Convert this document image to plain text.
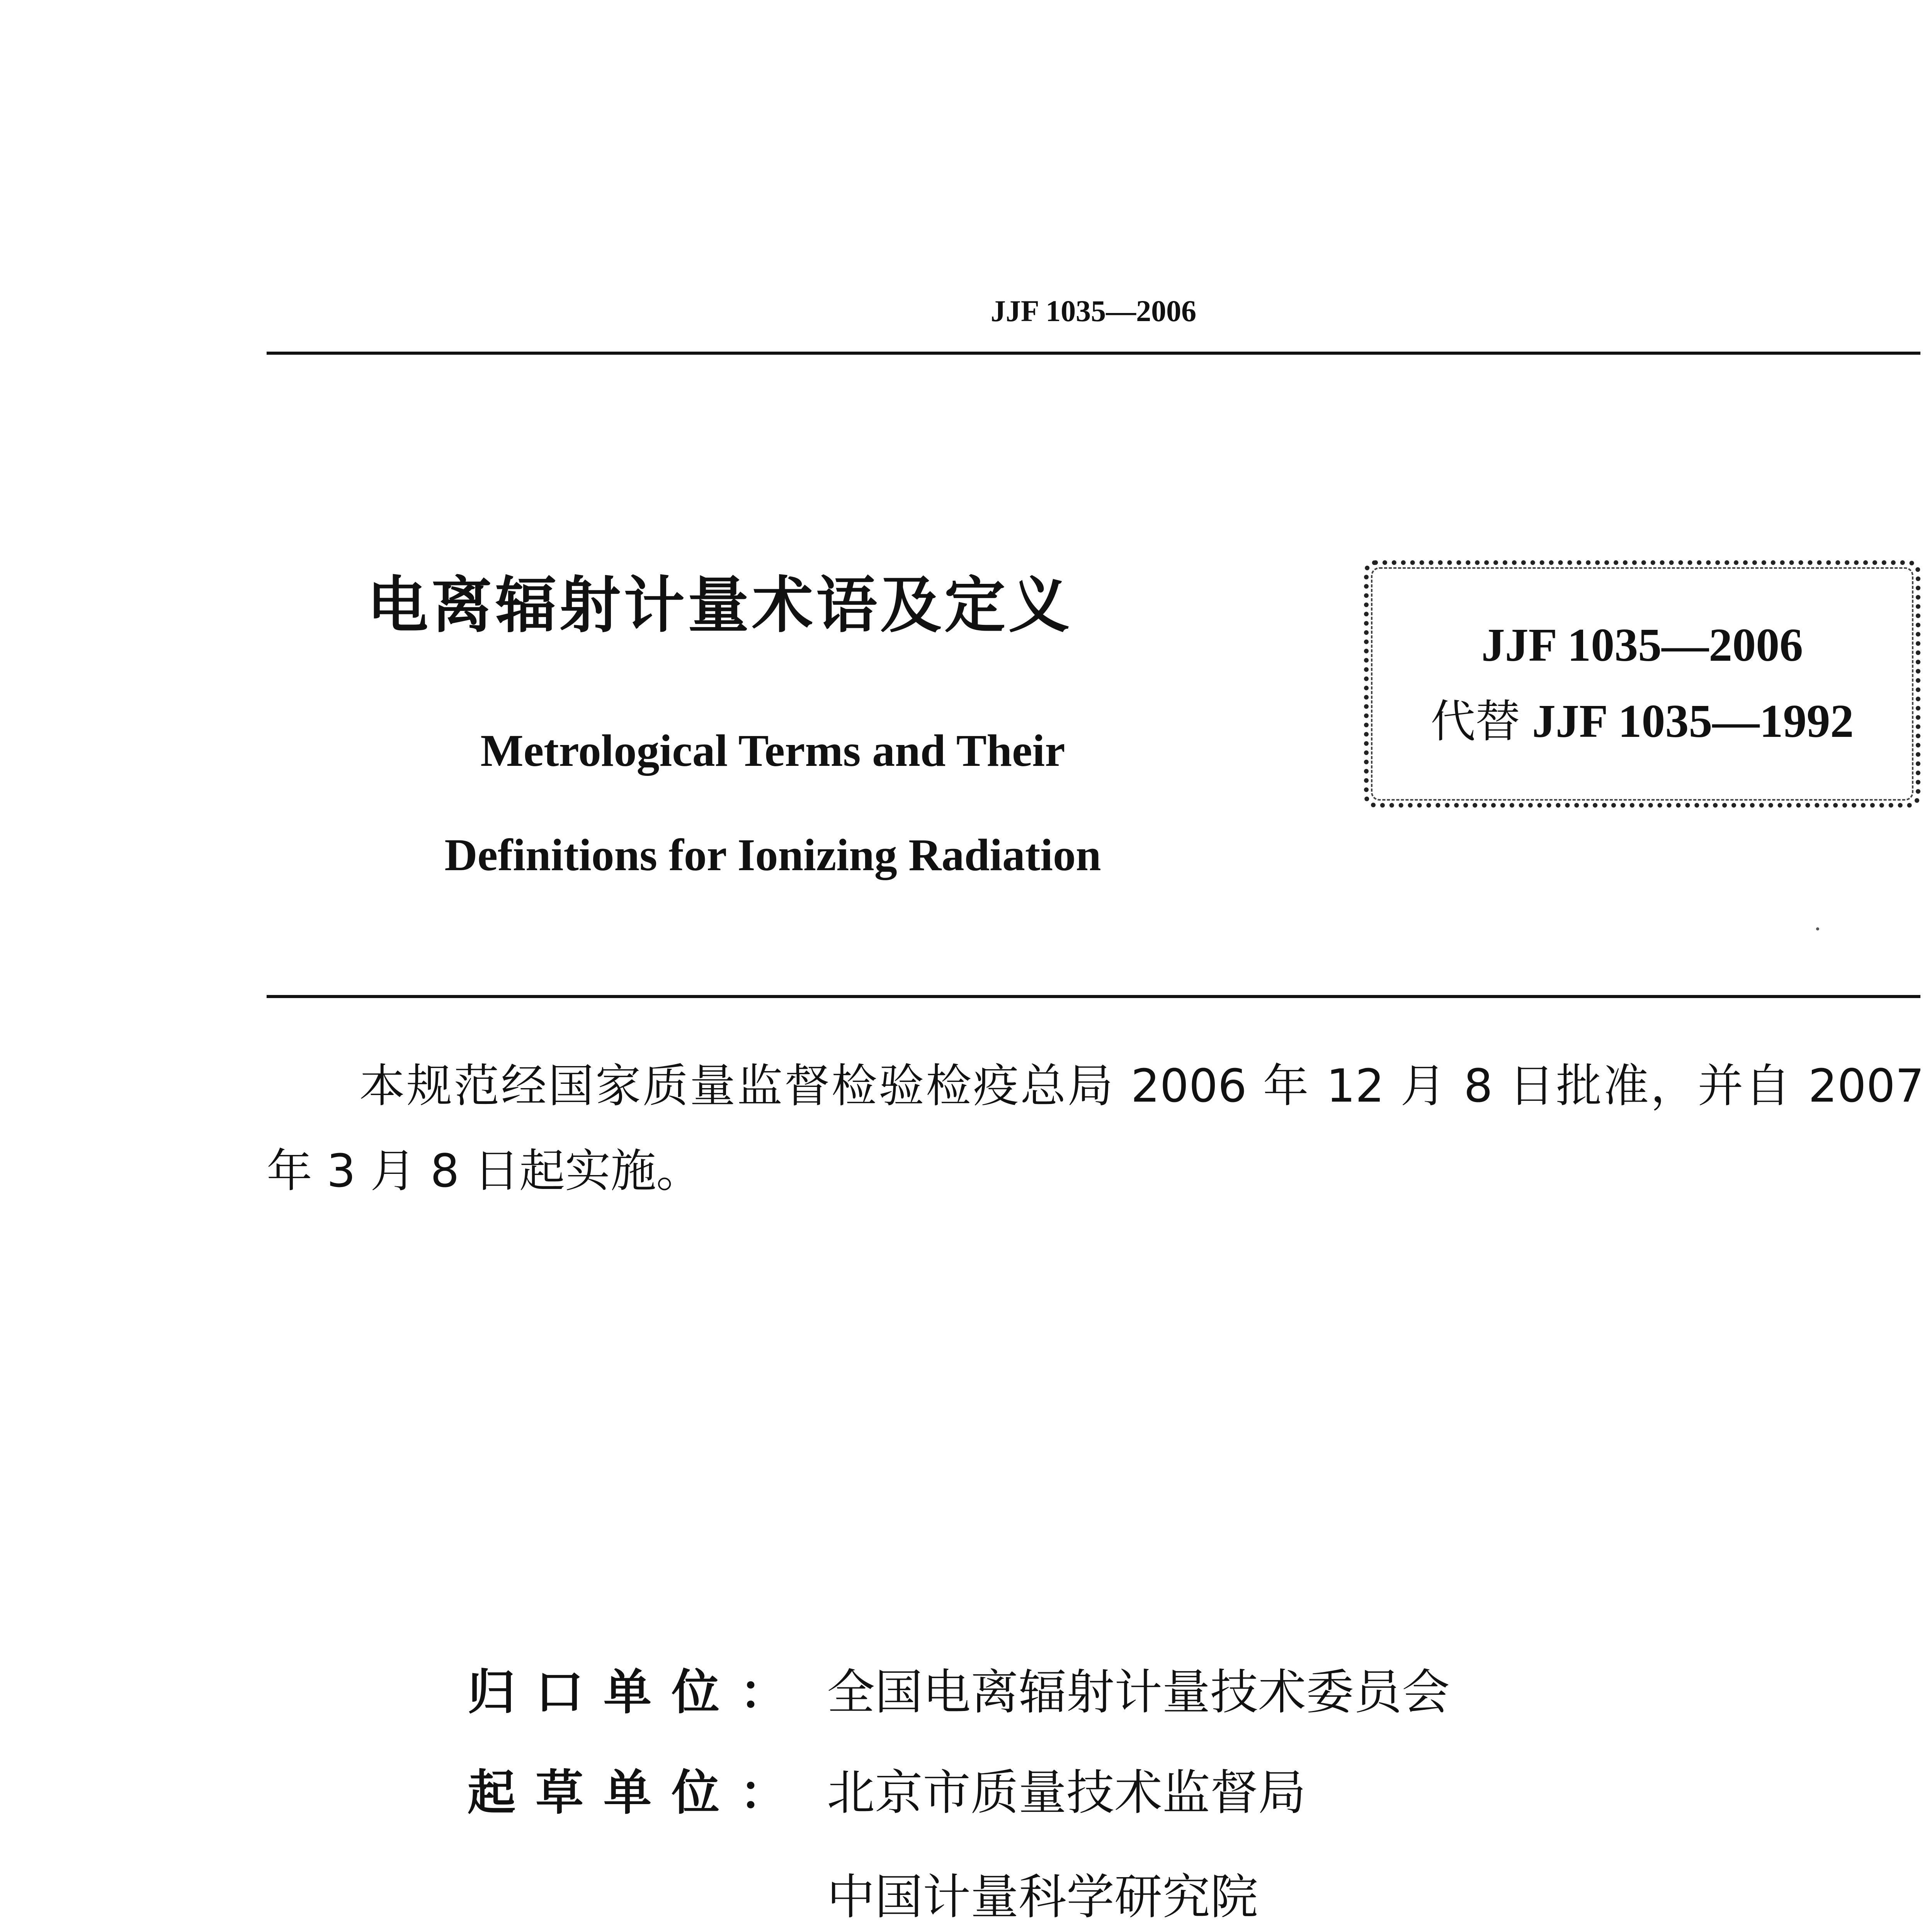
JJF 1035—2006
电离辐射计量术语及定义
Metrological Terms and Their
Definitions for Ionizing Radiation
JJF 1035—2006
代替 JJF 1035—1992
本规范经国家质量监督检验检疫总局 2006 年 12 月 8 日批准，并自 2007 年 3 月 8 日起实施。
归口单位： 全国电离辐射计量技术委员会
起草单位： 北京市质量技术监督局
中国计量科学研究院
